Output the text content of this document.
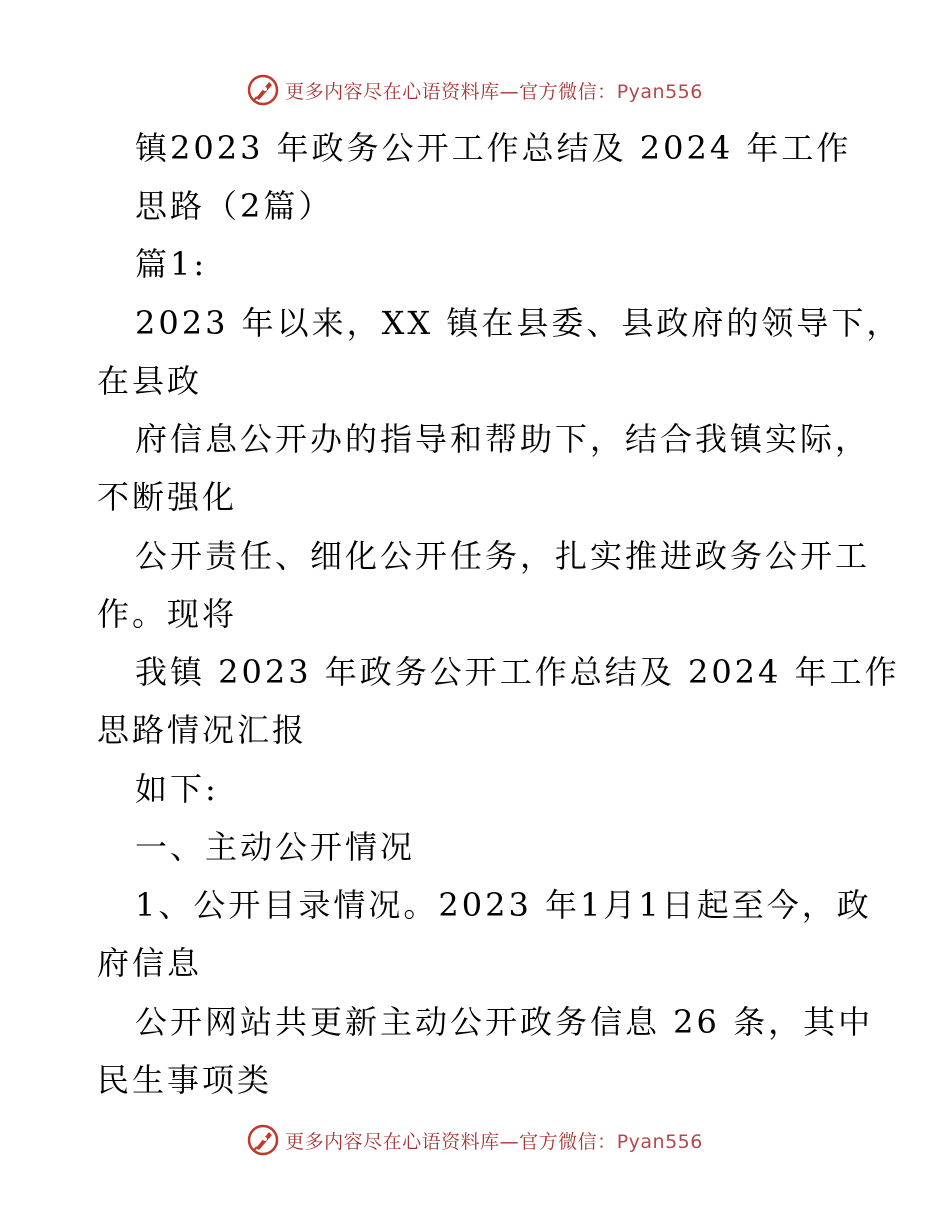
更多内容尽在心语资料库—官方微信：Pyan556
镇2023 年政务公开工作总结及 2024 年工作
思路（2篇）
篇1:
2023 年以来，XX 镇在县委、县政府的领导下，
在县政
府信息公开办的指导和帮助下，结合我镇实际，
不断强化
公开责任、细化公开任务，扎实推进政务公开工
作。现将
我镇 2023 年政务公开工作总结及 2024 年工作
思路情况汇报
如下:
一、主动公开情况
1、公开目录情况。2023 年1月1日起至今，政
府信息
公开网站共更新主动公开政务信息 26 条，其中
民生事项类
更多内容尽在心语资料库—官方微信：Pyan556
